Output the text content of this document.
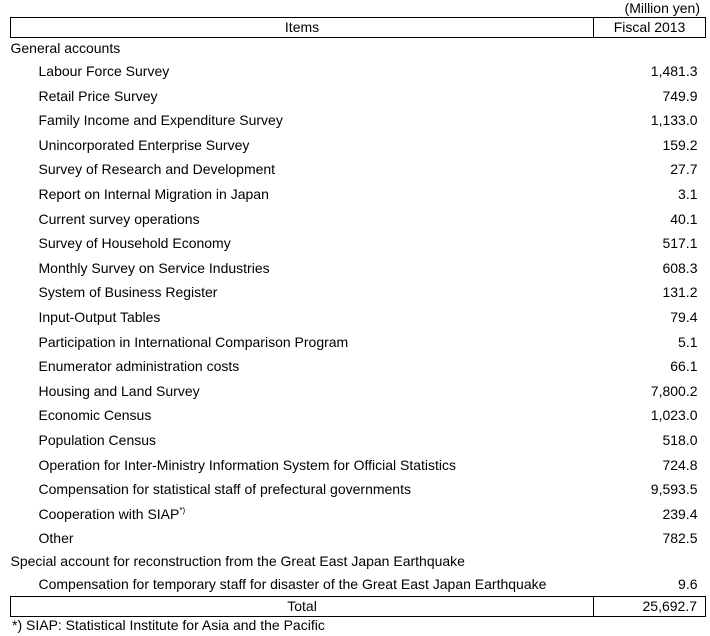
(Million yen)
Items	Fiscal 2013
General accounts	
Labour Force Survey	1,481.3
Retail Price Survey	749.9
Family Income and Expenditure Survey	1,133.0
Unincorporated Enterprise Survey	159.2
Survey of Research and Development	27.7
Report on Internal Migration in Japan	3.1
Current survey operations	40.1
Survey of Household Economy	517.1
Monthly Survey on Service Industries	608.3
System of Business Register	131.2
Input-Output Tables	79.4
Participation in International Comparison Program	5.1
Enumerator administration costs	66.1
Housing and Land Survey	7,800.2
Economic Census	1,023.0
Population Census	518.0
Operation for Inter-Ministry Information System for Official Statistics	724.8
Compensation for statistical staff of prefectural governments	9,593.5
Cooperation with SIAP*)	239.4
Other	782.5
Special account for reconstruction from the Great East Japan Earthquake	
Compensation for temporary staff for disaster of the Great East Japan Earthquake	9.6
Total	25,692.7
*) SIAP: Statistical Institute for Asia and the Pacific
